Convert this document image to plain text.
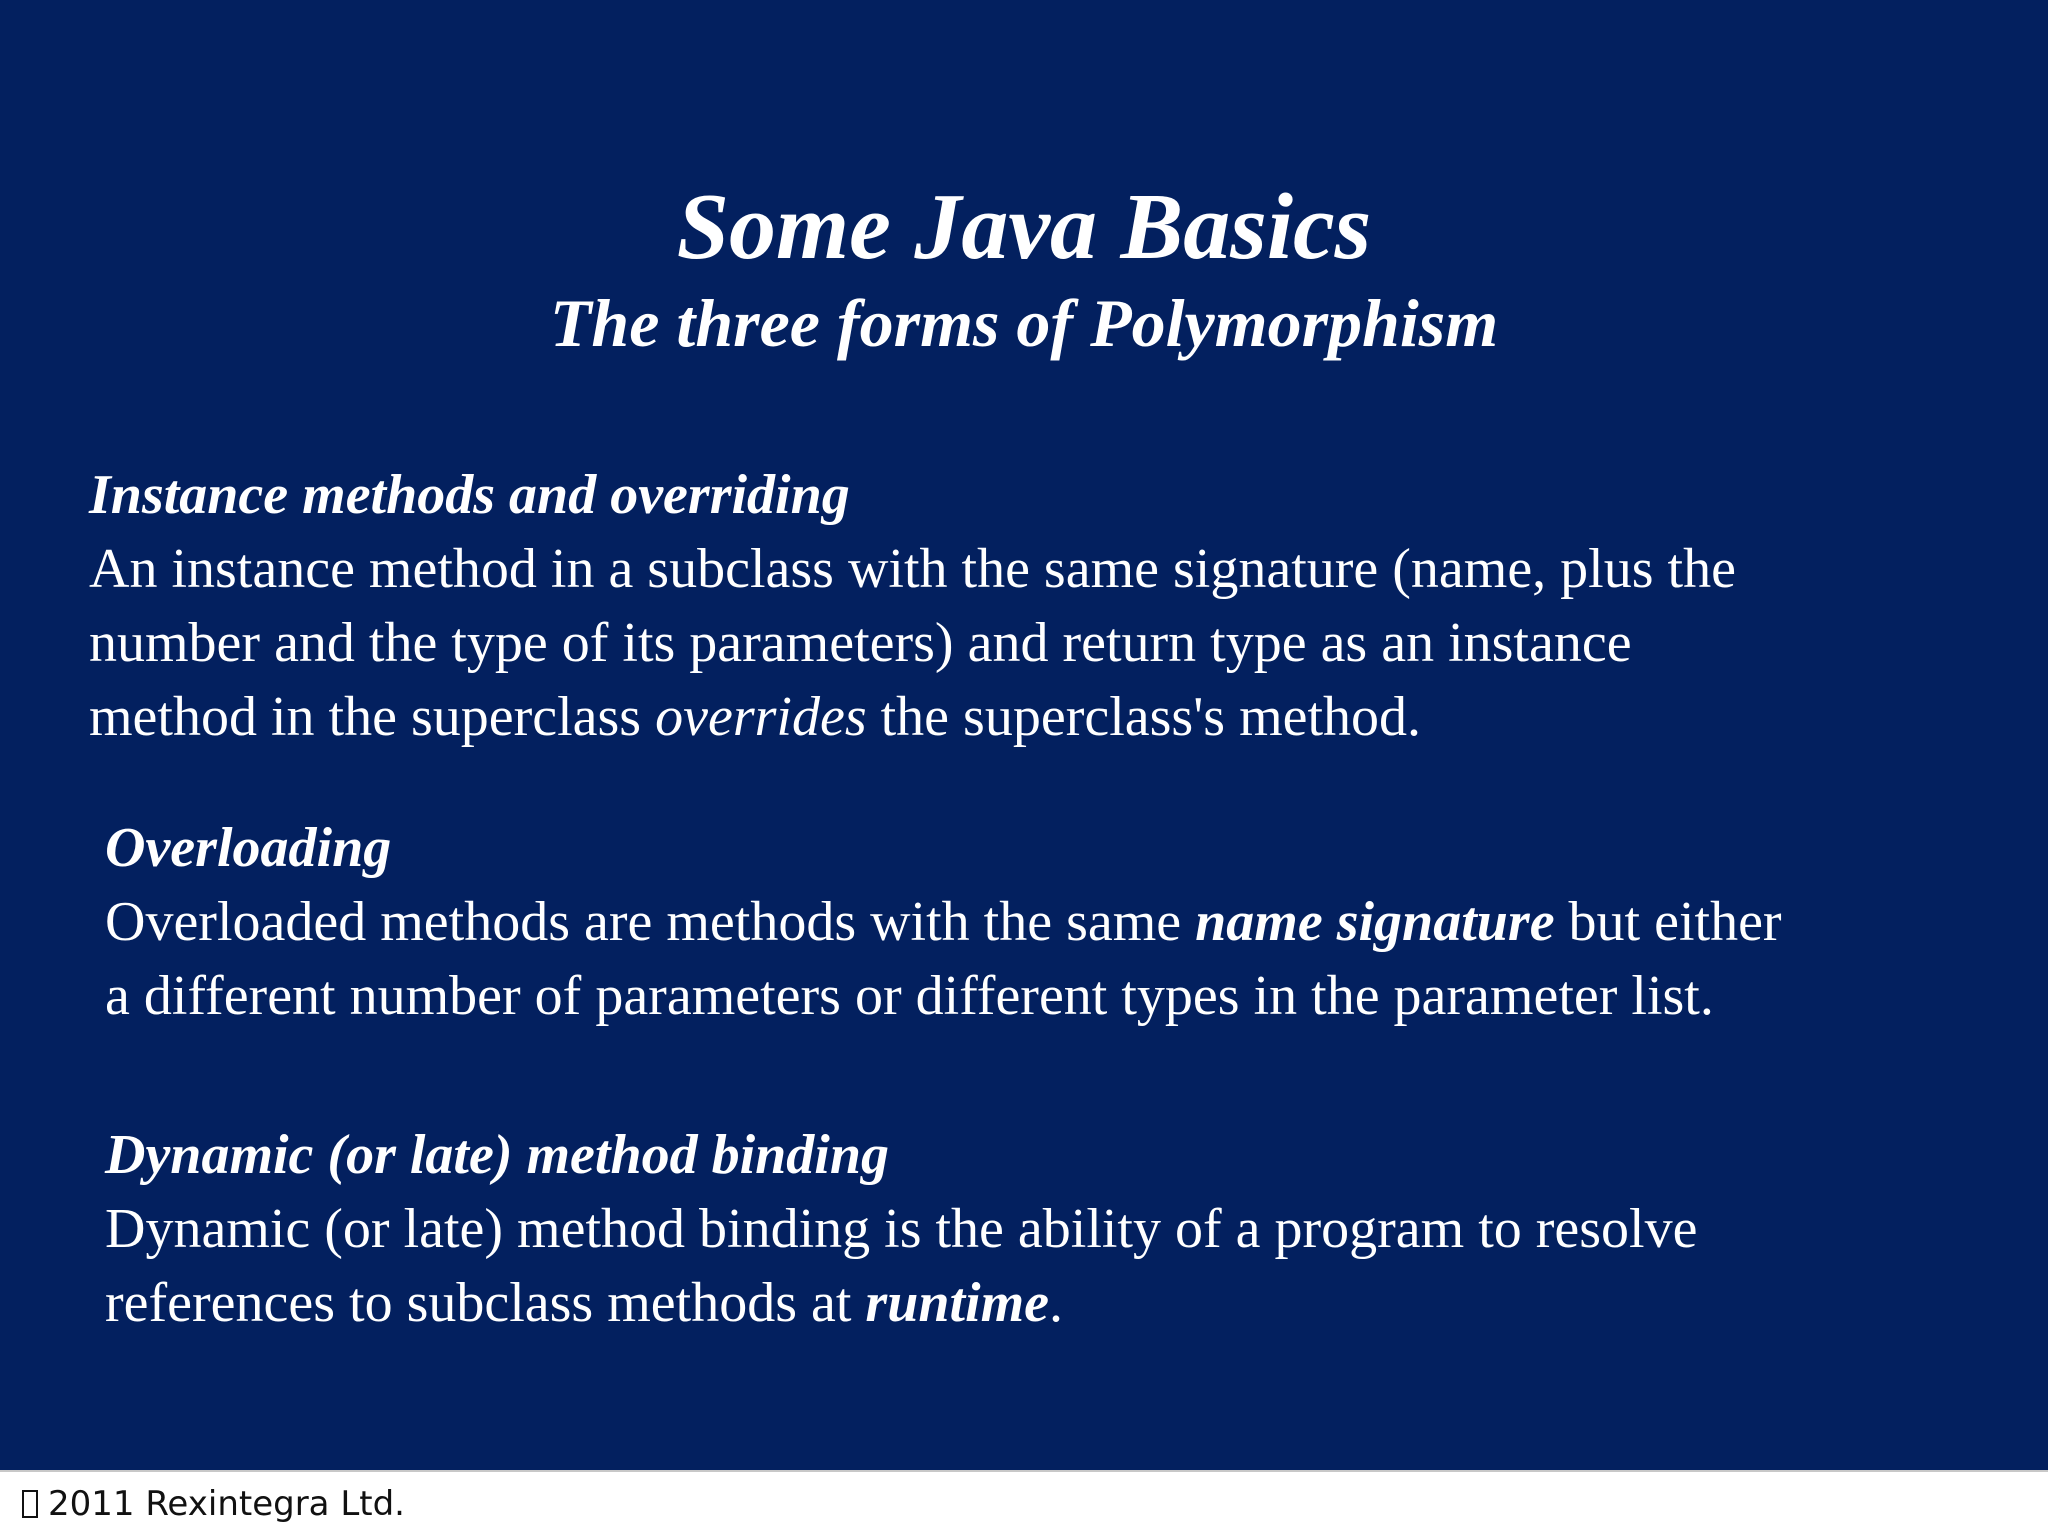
Some Java Basics
The three forms of Polymorphism
Instance methods and overriding
An instance method in a subclass with the same signature (name, plus the
number and the type of its parameters) and return type as an instance
method in the superclass overrides the superclass's method.
Overloading
Overloaded methods are methods with the same name signature but either
a different number of parameters or different types in the parameter list.
Dynamic (or late) method binding
Dynamic (or late) method binding is the ability of a program to resolve
references to subclass methods at runtime.
2011 Rexintegra Ltd.
